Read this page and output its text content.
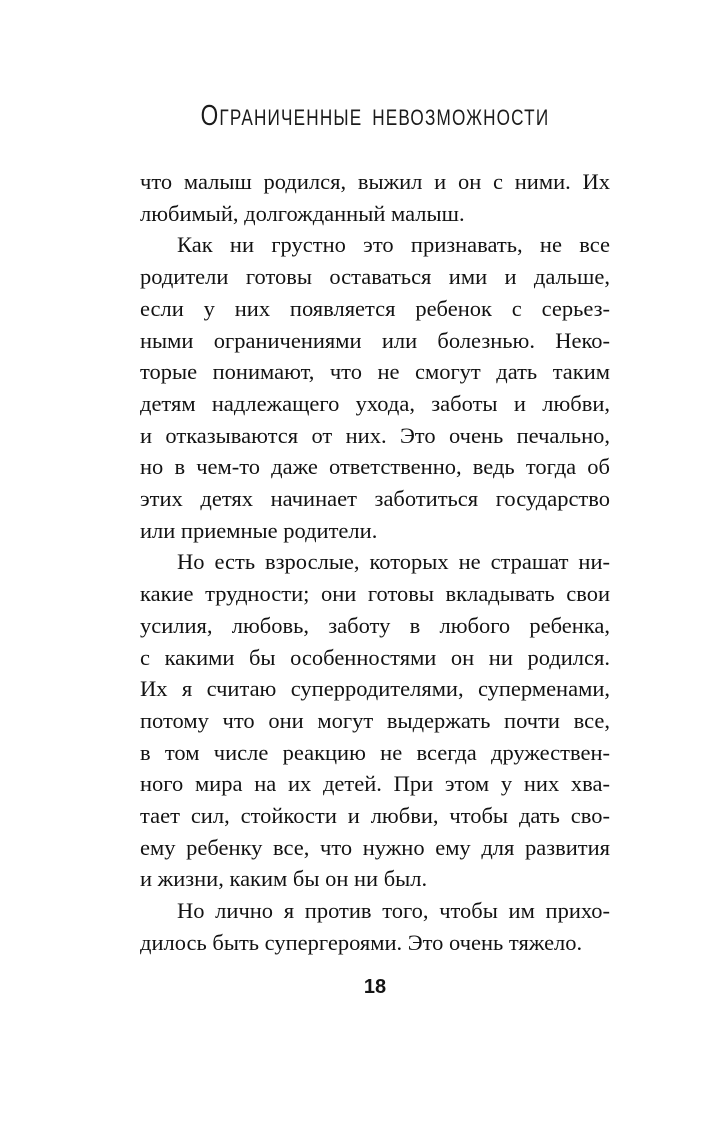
ОГРАНИЧЕННЫЕ НЕВОЗМОЖНОСТИ
что малыш родился, выжил и он с ними. Их
любимый, долгожданный малыш.
Как ни грустно это признавать, не все
родители готовы оставаться ими и дальше,
если у них появляется ребенок с серьез-
ными ограничениями или болезнью. Неко-
торые понимают, что не смогут дать таким
детям надлежащего ухода, заботы и любви,
и отказываются от них. Это очень печально,
но в чем-то даже ответственно, ведь тогда об
этих детях начинает заботиться государство
или приемные родители.
Но есть взрослые, которых не страшат ни-
какие трудности; они готовы вкладывать свои
усилия, любовь, заботу в любого ребенка,
с какими бы особенностями он ни родился.
Их я считаю суперродителями, суперменами,
потому что они могут выдержать почти все,
в том числе реакцию не всегда дружествен-
ного мира на их детей. При этом у них хва-
тает сил, стойкости и любви, чтобы дать сво-
ему ребенку все, что нужно ему для развития
и жизни, каким бы он ни был.
Но лично я против того, чтобы им прихо-
дилось быть супергероями. Это очень тяжело.
18
